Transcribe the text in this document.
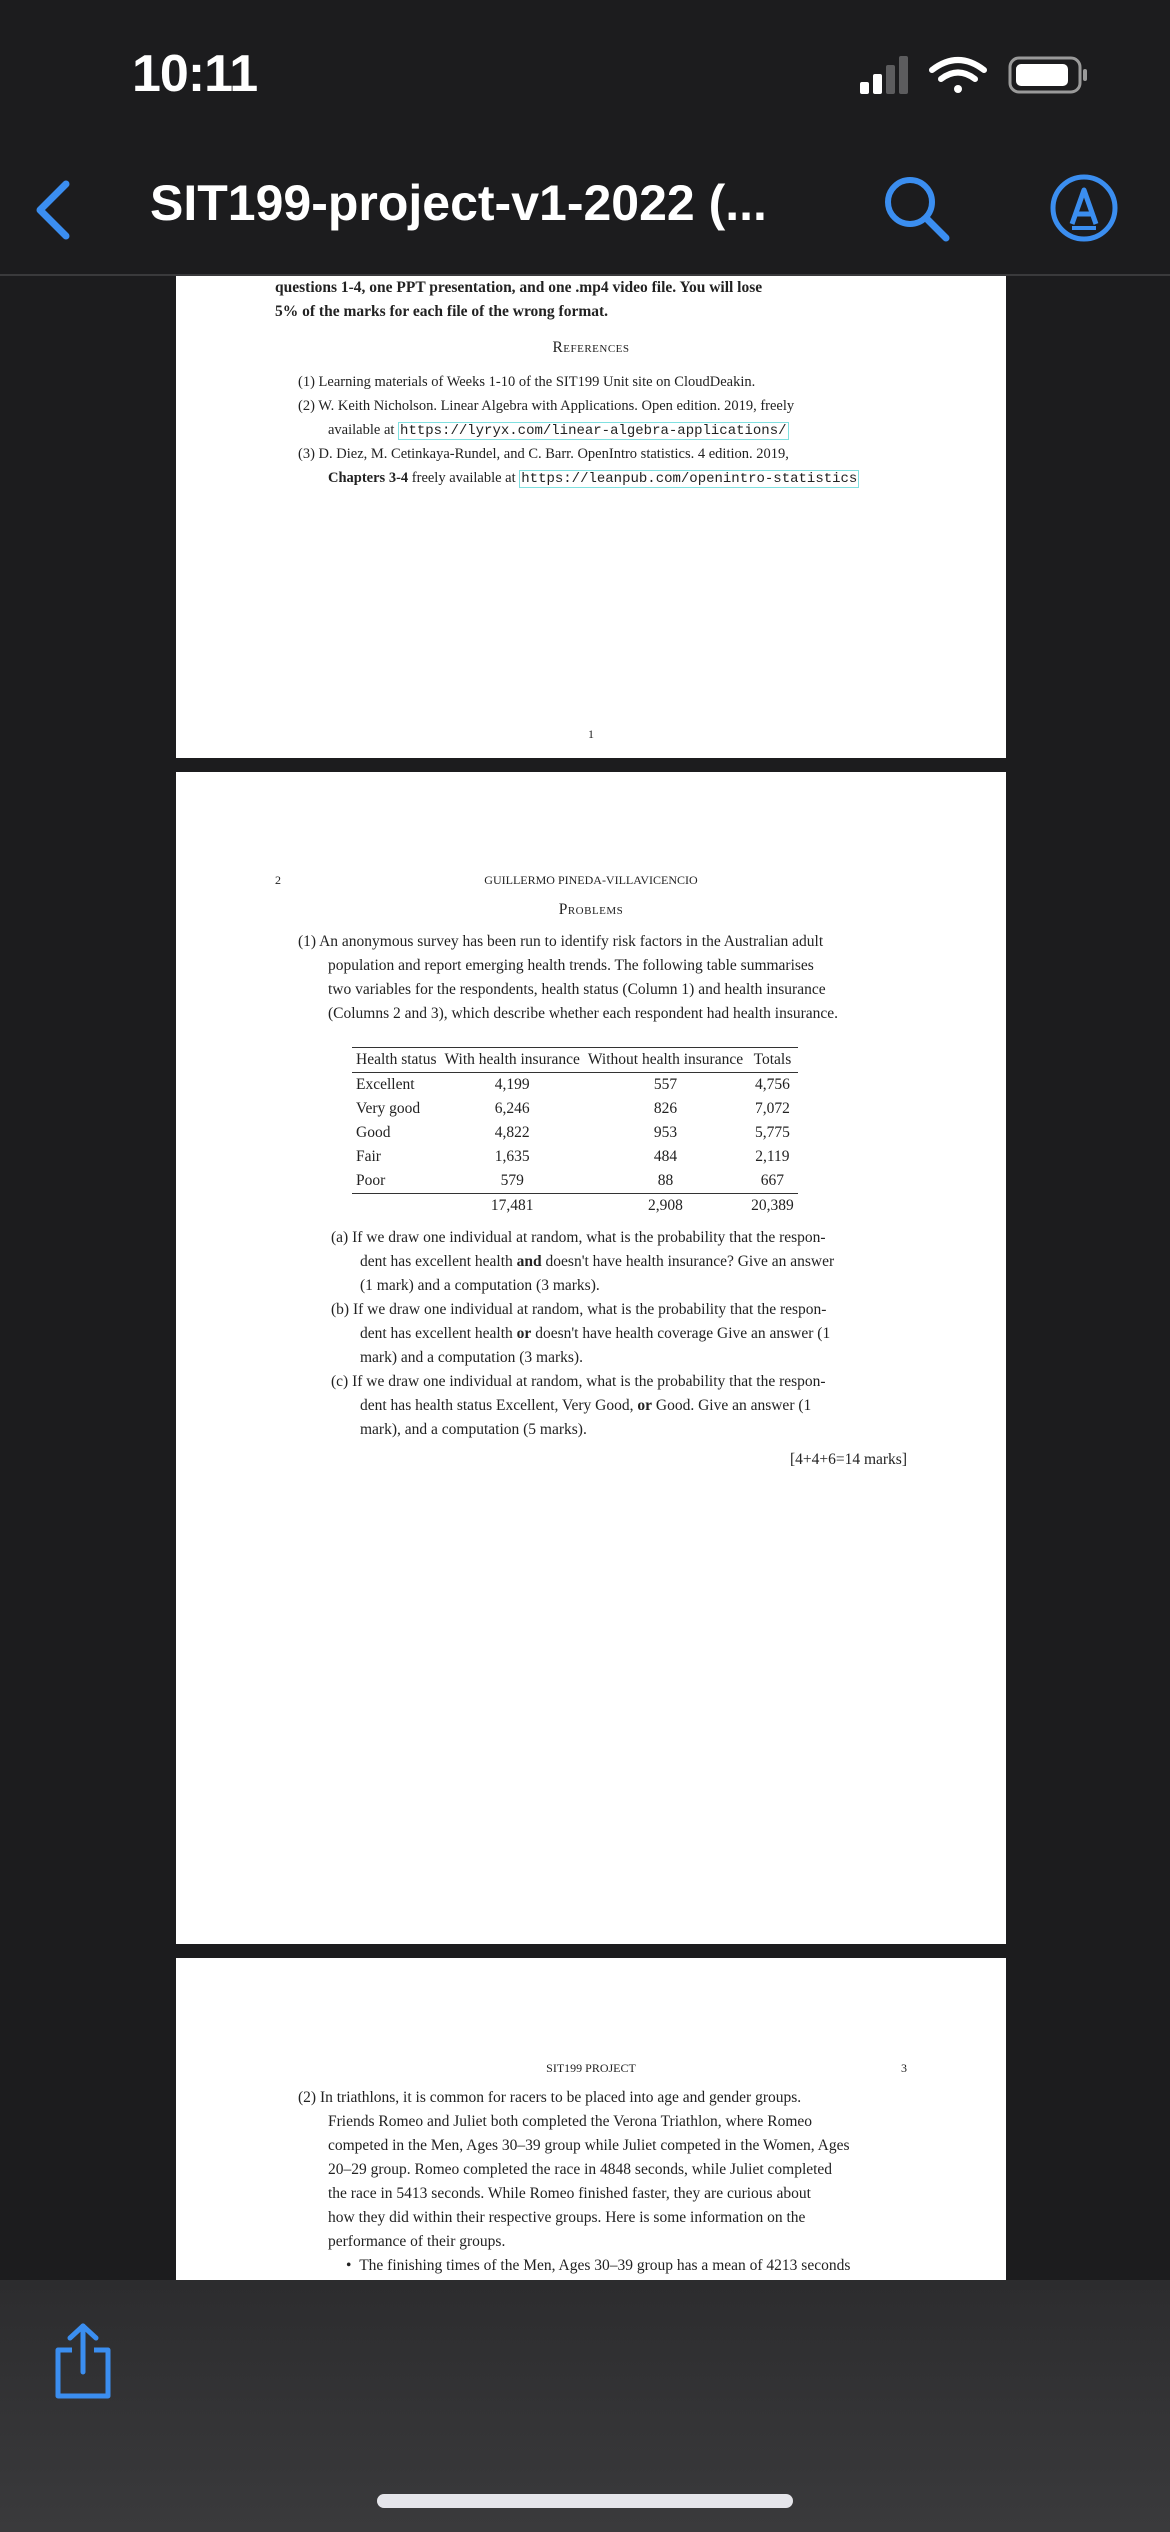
10:11
SIT199-project-v1-2022 (...
questions 1-4, one PPT presentation, and one .mp4 video file. You will lose
5% of the marks for each file of the wrong format.
References
(1) Learning materials of Weeks 1-10 of the SIT199 Unit site on CloudDeakin.
(2) W. Keith Nicholson. Linear Algebra with Applications. Open edition. 2019, freely
available at https://lyryx.com/linear-algebra-applications/
(3) D. Diez, M. Cetinkaya-Rundel, and C. Barr. OpenIntro statistics. 4 edition. 2019,
Chapters 3-4 freely available at https://leanpub.com/openintro-statistics
1
2	GUILLERMO PINEDA-VILLAVICENCIO
Problems
(1) An anonymous survey has been run to identify risk factors in the Australian adult
population and report emerging health trends. The following table summarises
two variables for the respondents, health status (Column 1) and health insurance
(Columns 2 and 3), which describe whether each respondent had health insurance.
Health status	With health insurance	Without health insurance	Totals
Excellent	4,199	557	4,756
Very good	6,246	826	7,072
Good	4,822	953	5,775
Fair	1,635	484	2,119
Poor	579	88	667
	17,481	2,908	20,389
(a) If we draw one individual at random, what is the probability that the respon-
dent has excellent health and doesn't have health insurance? Give an answer
(1 mark) and a computation (3 marks).
(b) If we draw one individual at random, what is the probability that the respon-
dent has excellent health or doesn't have health coverage Give an answer (1
mark) and a computation (3 marks).
(c) If we draw one individual at random, what is the probability that the respon-
dent has health status Excellent, Very Good, or Good. Give an answer (1
mark), and a computation (5 marks).
[4+4+6=14 marks]
SIT199 PROJECT	3
(2) In triathlons, it is common for racers to be placed into age and gender groups.
Friends Romeo and Juliet both completed the Verona Triathlon, where Romeo
competed in the Men, Ages 30–39 group while Juliet competed in the Women, Ages
20–29 group. Romeo completed the race in 4848 seconds, while Juliet completed
the race in 5413 seconds. While Romeo finished faster, they are curious about
how they did within their respective groups. Here is some information on the
performance of their groups.
•  The finishing times of the Men, Ages 30–39 group has a mean of 4213 seconds
